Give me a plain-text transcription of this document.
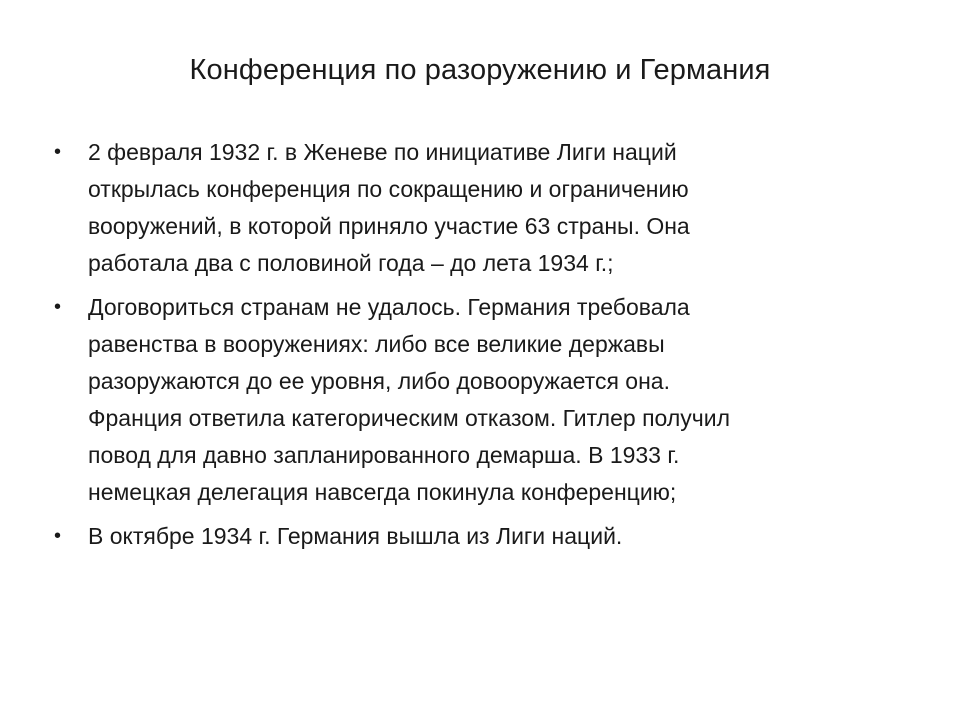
Конференция по разоружению и Германия
• 2 февраля 1932 г. в Женеве по инициативе Лиги наций
открылась конференция по сокращению и ограничению
вооружений, в которой приняло участие 63 страны. Она
работала два с половиной года – до лета 1934 г.;
• Договориться странам не удалось. Германия требовала
равенства в вооружениях: либо все великие державы
разоружаются до ее уровня, либо довооружается она.
Франция ответила категорическим отказом. Гитлер получил
повод для давно запланированного демарша. В 1933 г.
немецкая делегация навсегда покинула конференцию;
• В октябре 1934 г. Германия вышла из Лиги наций.
